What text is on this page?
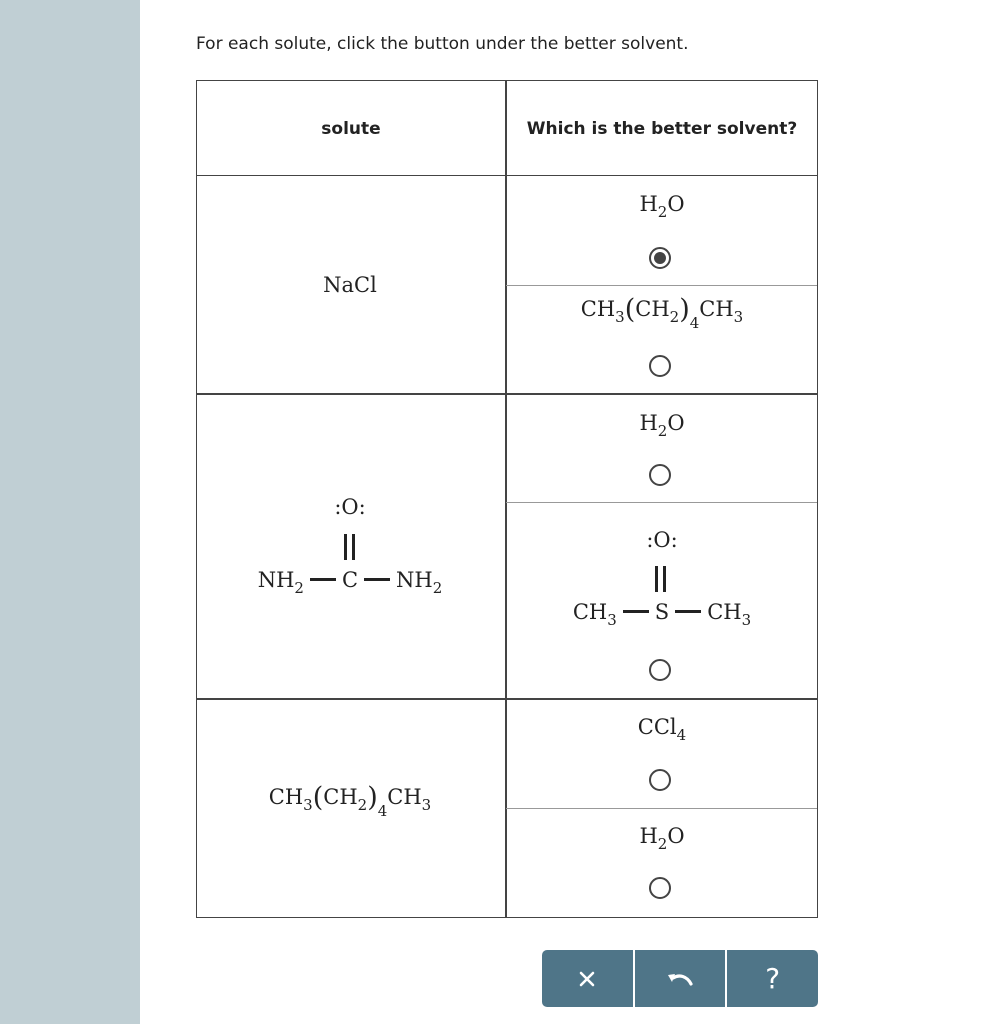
For each solute, click the button under the better solvent.
solute	Which is the better solvent?
NaCl
$H_2O$
$CH_3(CH_2)_4CH_3$
:O:
$NH_2$ C $NH_2$
$H_2O$
:O:
$CH_3$ S $CH_3$
$CH_3(CH_2)_4CH_3$
CCl$_4$
$H_2O$
?
